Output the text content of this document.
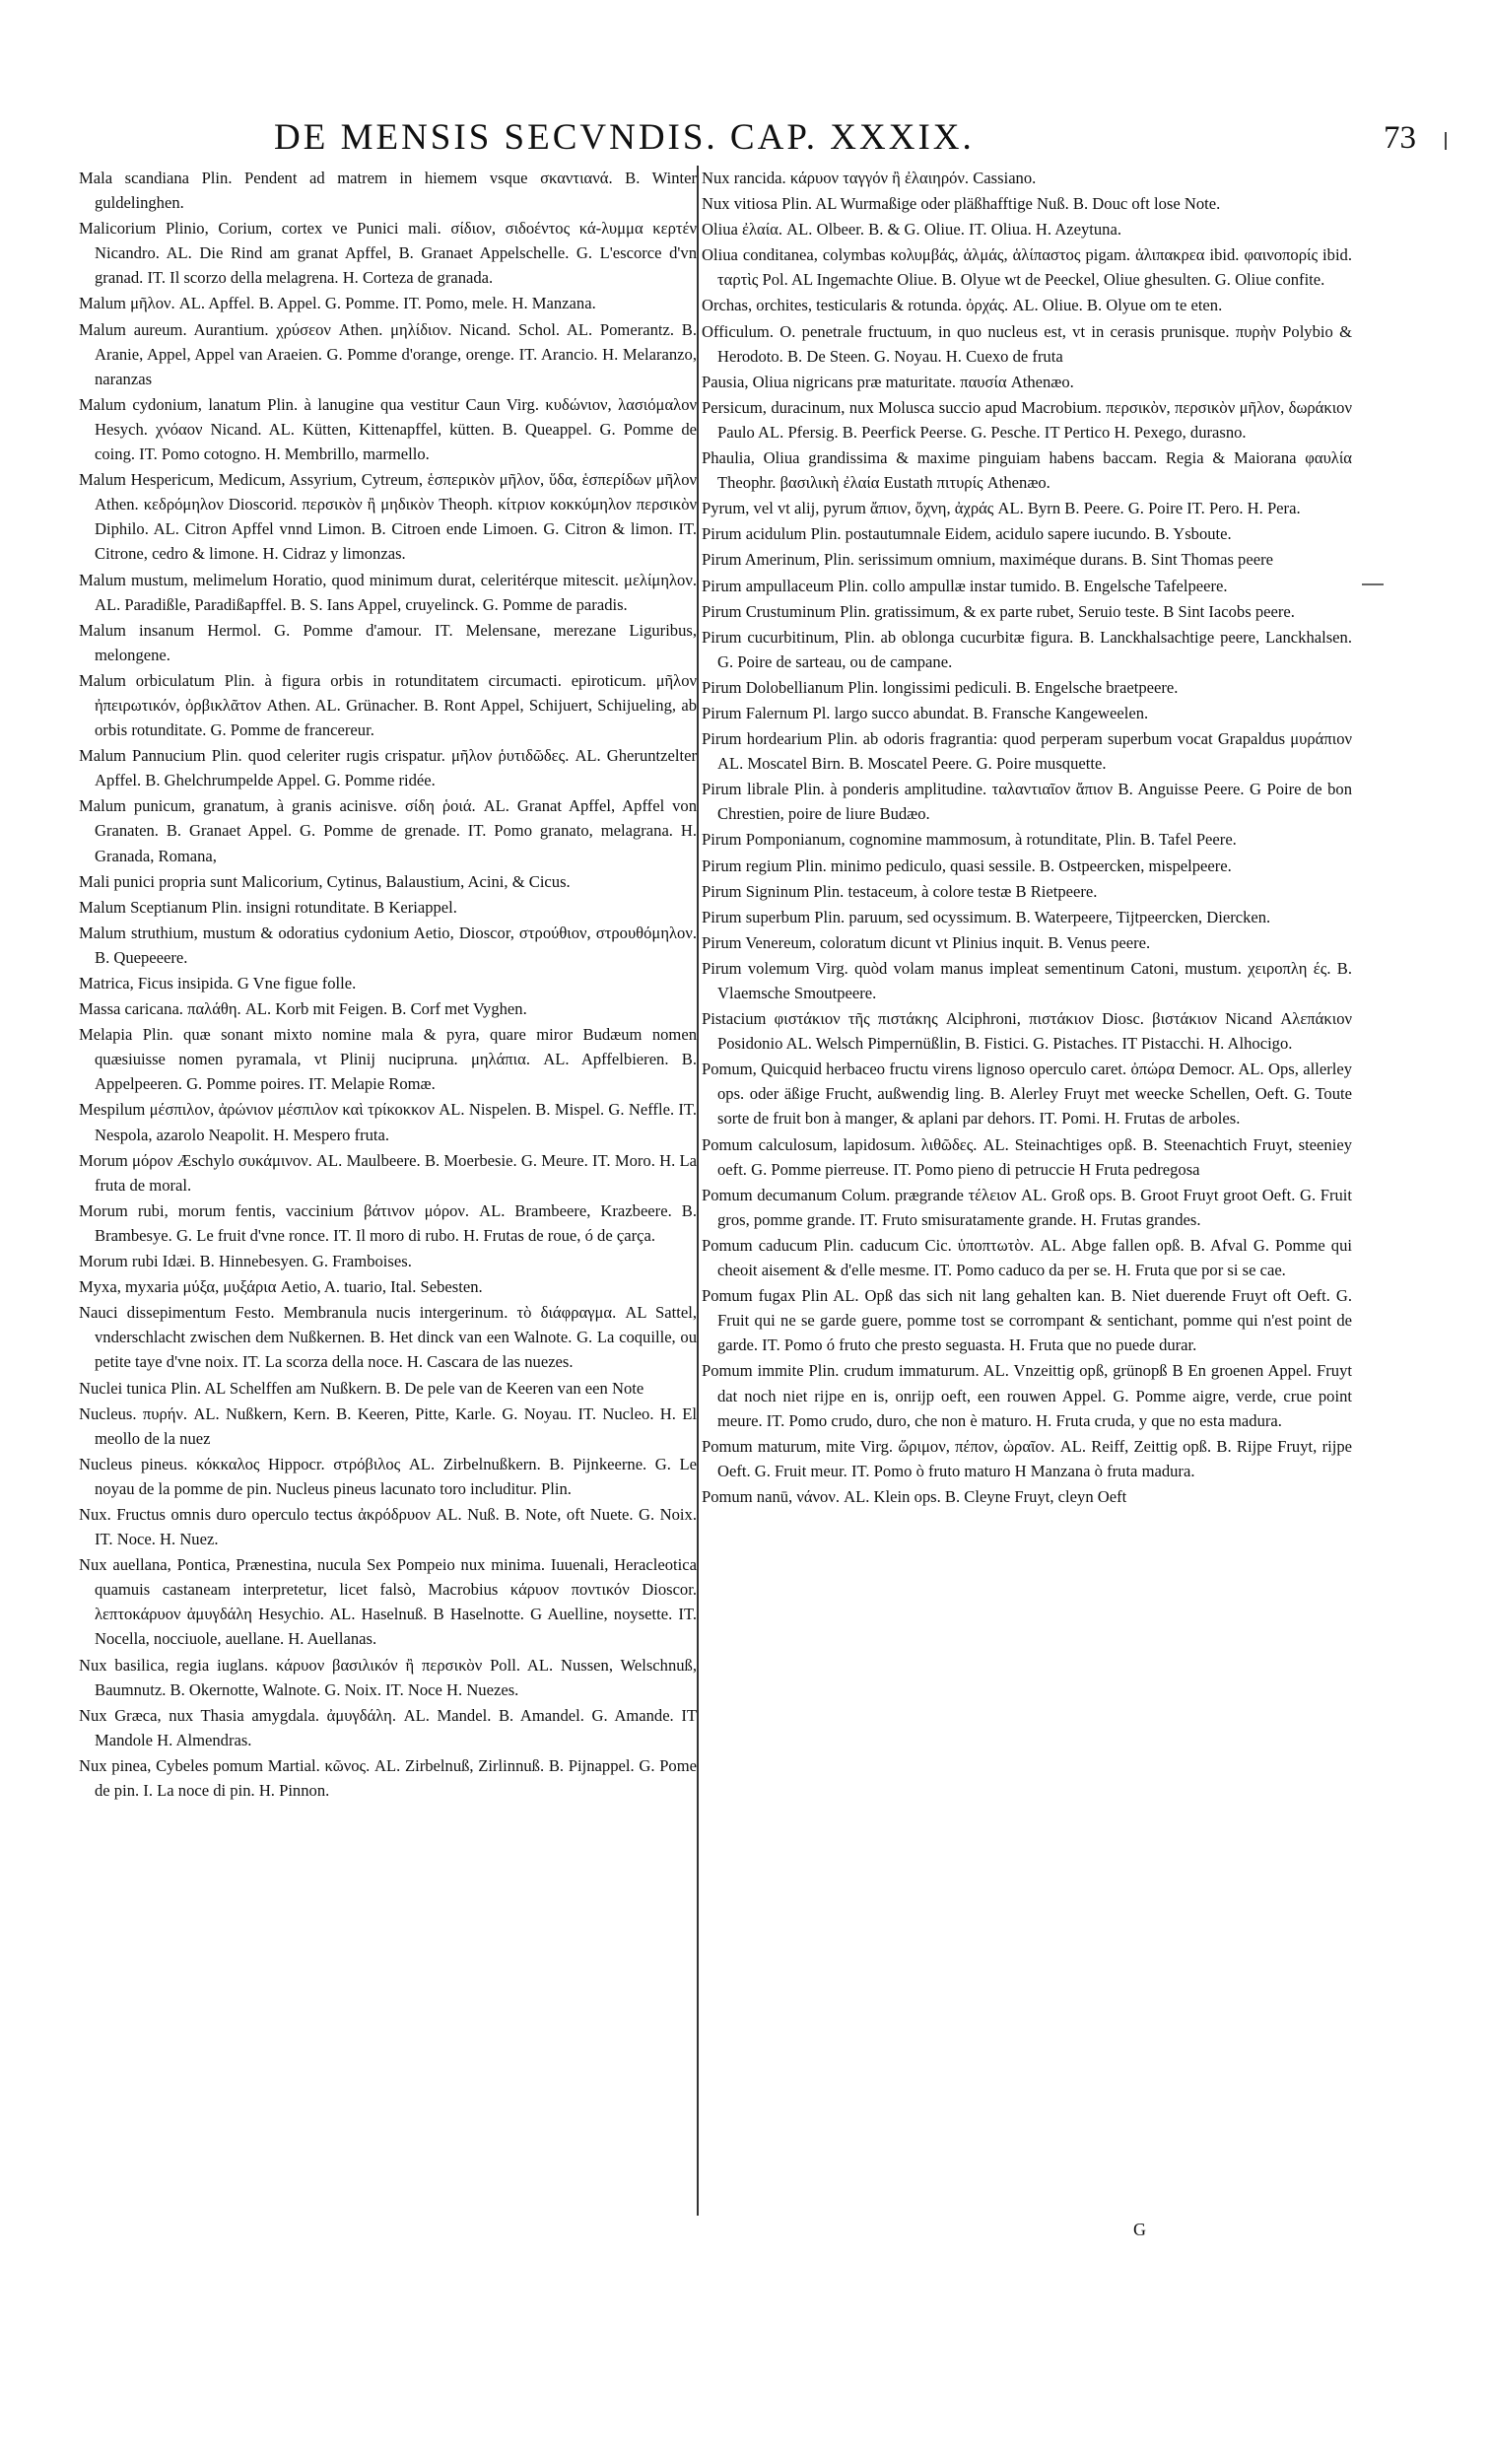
DE MENSIS SECVNDIS. CAP. XXXIX.	73
Mala scandiana Plin. Pendent ad matrem in hiemem vsque σκαντιανά. B. Winter guldelinghen.
Malicorium Plinio, Corium, cortex ve Punici mali. σίδιον, σιδοέντος κά-λυμμα κερτέν Nicandro. AL. Die Rind am granat Apffel, B. Granaet Appelschelle. G. L'escorce d'vn granad. IT. Il scorzo della melagrena. H. Corteza de granada.
Malum μῆλον. AL. Apffel. B. Appel. G. Pomme. IT. Pomo, mele. H. Manzana.
Malum aureum. Aurantium. χρύσεον Athen. μηλίδιον. Nicand. Schol. AL. Pomerantz. B. Aranie, Appel, Appel van Araeien. G. Pomme d'orange, orenge. IT. Arancio. H. Melaranzo, naranzas
Malum cydonium, lanatum Plin. à lanugine qua vestitur Caun Virg. κυδώνιον, λασιόμαλον Hesych. χνόαον Nicand. AL. Kütten, Kittenapffel, kütten. B. Queappel. G. Pomme de coing. IT. Pomo cotogno. H. Membrillo, marmello.
Malum Hespericum, Medicum, Assyrium, Cytreum, ἑσπερικὸν μῆλον, ὕδα, ἑσπερίδων μῆλον Athen. κεδρόμηλον Dioscorid. περσικὸν ἢ μηδικὸν Theoph. κίτριον κοκκύμηλον περσικὸν Diphilo. AL. Citron Apffel vnnd Limon. B. Citroen ende Limoen. G. Citron & limon. IT. Citrone, cedro & limone. H. Cidraz y limonzas.
Malum mustum, melimelum Horatio, quod minimum durat, celeritérque mitescit. μελίμηλον. AL. Paradißle, Paradißapffel. B. S. Ians Appel, cruyelinck. G. Pomme de paradis.
Malum insanum Hermol. G. Pomme d'amour. IT. Melensane, merezane Liguribus, melongene.
Malum orbiculatum Plin. à figura orbis in rotunditatem circumacti. epiroticum. μῆλον ἠπειρωτικόν, ὀρβικλᾶτον Athen. AL. Grünacher. B. Ront Appel, Schijuert, Schijueling, ab orbis rotunditate. G. Pomme de francereur.
Malum Pannucium Plin. quod celeriter rugis crispatur. μῆλον ῥυτιδῶδες. AL. Gheruntzelter Apffel. B. Ghelchrumpelde Appel. G. Pomme ridée.
Malum punicum, granatum, à granis acinisve. σίδη ῥοιά. AL. Granat Apffel, Apffel von Granaten. B. Granaet Appel. G. Pomme de grenade. IT. Pomo granato, melagrana. H. Granada, Romana,
Mali punici propria sunt Malicorium, Cytinus, Balaustium, Acini, & Cicus.
Malum Sceptianum Plin. insigni rotunditate. B Keriappel.
Malum struthium, mustum & odoratius cydonium Aetio, Dioscor, στρούθιον, στρουθόμηλον. B. Quepeeere.
Matrica, Ficus insipida. G Vne figue folle.
Massa caricana. παλάθη. AL. Korb mit Feigen. B. Corf met Vyghen.
Melapia Plin. quæ sonant mixto nomine mala & pyra, quare miror Budæum nomen quæsiuisse nomen pyramala, vt Plinij nucipruna. μηλάπια. AL. Apffelbieren. B. Appelpeeren. G. Pomme poires. IT. Melapie Romæ.
Mespilum μέσπιλον, ἀρώνιον μέσπιλον καὶ τρίκοκκον AL. Nispelen. B. Mispel. G. Neffle. IT. Nespola, azarolo Neapolit. H. Mespero fruta.
Morum μόρον Æschylo συκάμινον. AL. Maulbeere. B. Moerbesie. G. Meure. IT. Moro. H. La fruta de moral.
Morum rubi, morum fentis, vaccinium βάτινον μόρον. AL. Brambeere, Krazbeere. B. Brambesye. G. Le fruit d'vne ronce. IT. Il moro di rubo. H. Frutas de roue, ó de çarça.
Morum rubi Idæi. B. Hinnebesyen. G. Framboises.
Myxa, myxaria μύξα, μυξάρια Aetio, A. tuario, Ital. Sebesten.
Nauci dissepimentum Festo. Membranula nucis intergerinum. τὸ διάφραγμα. AL Sattel, vnderschlacht zwischen dem Nußkernen. B. Het dinck van een Walnote. G. La coquille, ou petite taye d'vne noix. IT. La scorza della noce. H. Cascara de las nuezes.
Nuclei tunica Plin. AL Schelffen am Nußkern. B. De pele van de Keeren van een Note
Nucleus. πυρήν. AL. Nußkern, Kern. B. Keeren, Pitte, Karle. G. Noyau. IT. Nucleo. H. El meollo de la nuez
Nucleus pineus. κόκκαλος Hippocr. στρόβιλος AL. Zirbelnußkern. B. Pijnkeerne. G. Le noyau de la pomme de pin. Nucleus pineus lacunato toro includitur. Plin.
Nux. Fructus omnis duro operculo tectus ἀκρόδρυον AL. Nuß. B. Note, oft Nuete. G. Noix. IT. Noce. H. Nuez.
Nux auellana, Pontica, Prænestina, nucula Sex Pompeio nux minima. Iuuenali, Heracleotica quamuis castaneam interpretetur, licet falsò, Macrobius κάρυον ποντικόν Dioscor. λεπτοκάρυον ἀμυγδάλη Hesychio. AL. Haselnuß. B Haselnotte. G Auelline, noysette. IT. Nocella, nocciuole, auellane. H. Auellanas.
Nux basilica, regia iuglans. κάρυον βασιλικόν ἢ περσικὸν Poll. AL. Nussen, Welschnuß, Baumnutz. B. Okernotte, Walnote. G. Noix. IT. Noce H. Nuezes.
Nux Græca, nux Thasia amygdala. ἀμυγδάλη. AL. Mandel. B. Amandel. G. Amande. IT Mandole H. Almendras.
Nux pinea, Cybeles pomum Martial. κῶνος. AL. Zirbelnuß, Zirlinnuß. B. Pijnappel. G. Pome de pin. I. La noce di pin. H. Pinnon.
Nux rancida. κάρυον ταγγόν ἢ ἐλαιηρόν. Cassiano.
Nux vitiosa Plin. AL Wurmaßige oder pläßhafftige Nuß. B. Douc oft lose Note.
Oliua ἐλαία. AL. Olbeer. B. & G. Oliue. IT. Oliua. H. Azeytuna.
Oliua conditanea, colymbas κολυμβάς, ἁλμάς, ἁλίπαστος pigam. ἁλιπακρεα ibid. φαινοπορίς ibid. ταρτὶς Pol. AL Ingemachte Oliue. B. Olyue wt de Peeckel, Oliue ghesulten. G. Oliue confite.
Orchas, orchites, testicularis & rotunda. ὀρχάς. AL. Oliue. B. Olyue om te eten.
Officulum. O. penetrale fructuum, in quo nucleus est, vt in cerasis prunisque. πυρὴν Polybio & Herodoto. B. De Steen. G. Noyau. H. Cuexo de fruta
Pausia, Oliua nigricans præ maturitate. παυσία Athenæo.
Persicum, duracinum, nux Molusca succio apud Macrobium. περσικὸν, περσικὸν μῆλον, δωράκιον Paulo AL. Pfersig. B. Peerfick Peerse. G. Pesche. IT Pertico H. Pexego, durasno.
Phaulia, Oliua grandissima & maxime pinguiam habens baccam. Regia & Maiorana φαυλία Theophr. βασιλικὴ ἐλαία Eustath πιτυρίς Athenæo.
Pyrum, vel vt alij, pyrum ἄπιον, ὄχνη, ἀχράς AL. Byrn B. Peere. G. Poire IT. Pero. H. Pera.
Pirum acidulum Plin. postautumnale Eidem, acidulo sapere iucundo. B. Ysboute.
Pirum Amerinum, Plin. serissimum omnium, maximéque durans. B. Sint Thomas peere
Pirum ampullaceum Plin. collo ampullæ instar tumido. B. Engelsche Tafelpeere.
Pirum Crustuminum Plin. gratissimum, & ex parte rubet, Seruio teste. B Sint Iacobs peere.
Pirum cucurbitinum, Plin. ab oblonga cucurbitæ figura. B. Lanckhalsachtige peere, Lanckhalsen. G. Poire de sarteau, ou de campane.
Pirum Dolobellianum Plin. longissimi pediculi. B. Engelsche braetpeere.
Pirum Falernum Pl. largo succo abundat. B. Fransche Kangeweelen.
Pirum hordearium Plin. ab odoris fragrantia: quod perperam superbum vocat Grapaldus μυράπιον AL. Moscatel Birn. B. Moscatel Peere. G. Poire musquette.
Pirum librale Plin. à ponderis amplitudine. ταλαντιαῖον ἄπιον B. Anguisse Peere. G Poire de bon Chrestien, poire de liure Budæo.
Pirum Pomponianum, cognomine mammosum, à rotunditate, Plin. B. Tafel Peere.
Pirum regium Plin. minimo pediculo, quasi sessile. B. Ostpeercken, mispelpeere.
Pirum Signinum Plin. testaceum, à colore testæ B Rietpeere.
Pirum superbum Plin. paruum, sed ocyssimum. B. Waterpeere, Tijtpeercken, Diercken.
Pirum Venereum, coloratum dicunt vt Plinius inquit. B. Venus peere.
Pirum volemum Virg. quòd volam manus impleat sementinum Catoni, mustum. χειροπλη ές. B. Vlaemsche Smoutpeere.
Pistacium φιστάκιον τῆς πιστάκης Alciphroni, πιστάκιον Diosc. βιστάκιον Nicand Αλεπάκιον Posidonio AL. Welsch Pimpernüßlin, B. Fistici. G. Pistaches. IT Pistacchi. H. Alhocigo.
Pomum, Quicquid herbaceo fructu virens lignoso operculo caret. ὀπώρα Democr. AL. Ops, allerley ops. oder äßige Frucht, außwendig ling. B. Alerley Fruyt met weecke Schellen, Oeft. G. Toute sorte de fruit bon à manger, & aplani par dehors. IT. Pomi. H. Frutas de arboles.
Pomum calculosum, lapidosum. λιθῶδες. AL. Steinachtiges opß. B. Steenachtich Fruyt, steeniey oeft. G. Pomme pierreuse. IT. Pomo pieno di petruccie H Fruta pedregosa
Pomum decumanum Colum. prægrande τέλειον AL. Groß ops. B. Groot Fruyt groot Oeft. G. Fruit gros, pomme grande. IT. Fruto smisuratamente grande. H. Frutas grandes.
Pomum caducum Plin. caducum Cic. ὑποπτωτὸν. AL. Abge fallen opß. B. Afval G. Pomme qui cheoit aisement & d'elle mesme. IT. Pomo caduco da per se. H. Fruta que por si se cae.
Pomum fugax Plin AL. Opß das sich nit lang gehalten kan. B. Niet duerende Fruyt oft Oeft. G. Fruit qui ne se garde guere, pomme tost se corrompant & sentichant, pomme qui n'est point de garde. IT. Pomo ó fruto che presto seguasta. H. Fruta que no puede durar.
Pomum immite Plin. crudum immaturum. AL. Vnzeittig opß, grünopß B En groenen Appel. Fruyt dat noch niet rijpe en is, onrijp oeft, een rouwen Appel. G. Pomme aigre, verde, crue point meure. IT. Pomo crudo, duro, che non è maturo. H. Fruta cruda, y que no esta madura.
Pomum maturum, mite Virg. ὥριμον, πέπον, ὡραῖον. AL. Reiff, Zeittig opß. B. Rijpe Fruyt, rijpe Oeft. G. Fruit meur. IT. Pomo ò fruto maturo H Manzana ò fruta madura.
Pomum nanū, νάνον. AL. Klein ops. B. Cleyne Fruyt, cleyn Oeft
G
